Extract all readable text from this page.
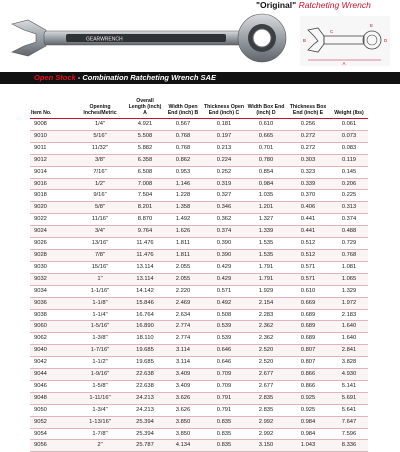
"Original" Ratcheting Wrench
GEARWRENCH
A
B
C
D
E
Open Stock - Combination Ratcheting Wrench SAE
Item No.	Opening Inches/Metric	Overall Length (inch) A	Width Open End (inch) B	Thickness Open End (inch) C	Width Box End (inch) D	Thickness Box End (inch) E	Weight (lbs)
9008	1/4"	4.921	0.567	0.181	0.610	0.256	0.061
9010	5/16"	5.508	0.768	0.197	0.665	0.272	0.073
9011	11/32"	5.882	0.768	0.213	0.701	0.272	0.083
9012	3/8"	6.358	0.862	0.224	0.780	0.303	0.119
9014	7/16"	6.508	0.953	0.252	0.854	0.323	0.145
9016	1/2"	7.008	1.146	0.319	0.984	0.339	0.206
9018	9/16"	7.504	1.228	0.327	1.035	0.370	0.225
9020	5/8"	8.201	1.358	0.346	1.201	0.406	0.313
9022	11/16"	8.870	1.492	0.362	1.327	0.441	0.374
9024	3/4"	9.764	1.626	0.374	1.339	0.441	0.488
9026	13/16"	11.476	1.811	0.390	1.535	0.512	0.729
9028	7/8"	11.476	1.811	0.390	1.535	0.512	0.768
9030	15/16"	13.114	2.055	0.429	1.791	0.571	1.081
9032	1"	13.114	2.055	0.429	1.791	0.571	1.065
9034	1-1/16"	14.142	2.220	0.571	1.929	0.610	1.329
9036	1-1/8"	15.846	2.469	0.492	2.154	0.669	1.972
9038	1-1/4"	16.764	2.634	0.508	2.283	0.689	2.183
9060	1-5/16"	16.890	2.774	0.539	2.362	0.689	1.640
9062	1-3/8"	18.110	2.774	0.539	2.362	0.689	1.640
9040	1-7/16"	19.685	3.114	0.646	2.520	0.807	2.841
9042	1-1/2"	19.685	3.114	0.646	2.520	0.807	3.828
9044	1-9/16"	22.638	3.409	0.709	2.677	0.866	4.930
9046	1-5/8"	22.638	3.409	0.709	2.677	0.866	5.141
9048	1-11/16"	24.213	3.626	0.791	2.835	0.925	5.691
9050	1-3/4"	24.213	3.626	0.791	2.835	0.925	5.641
9052	1-13/16"	25.394	3.850	0.835	2.992	0.984	7.647
9054	1-7/8"	25.394	3.850	0.835	2.992	0.984	7.596
9056	2"	25.787	4.134	0.835	3.150	1.043	8.336
